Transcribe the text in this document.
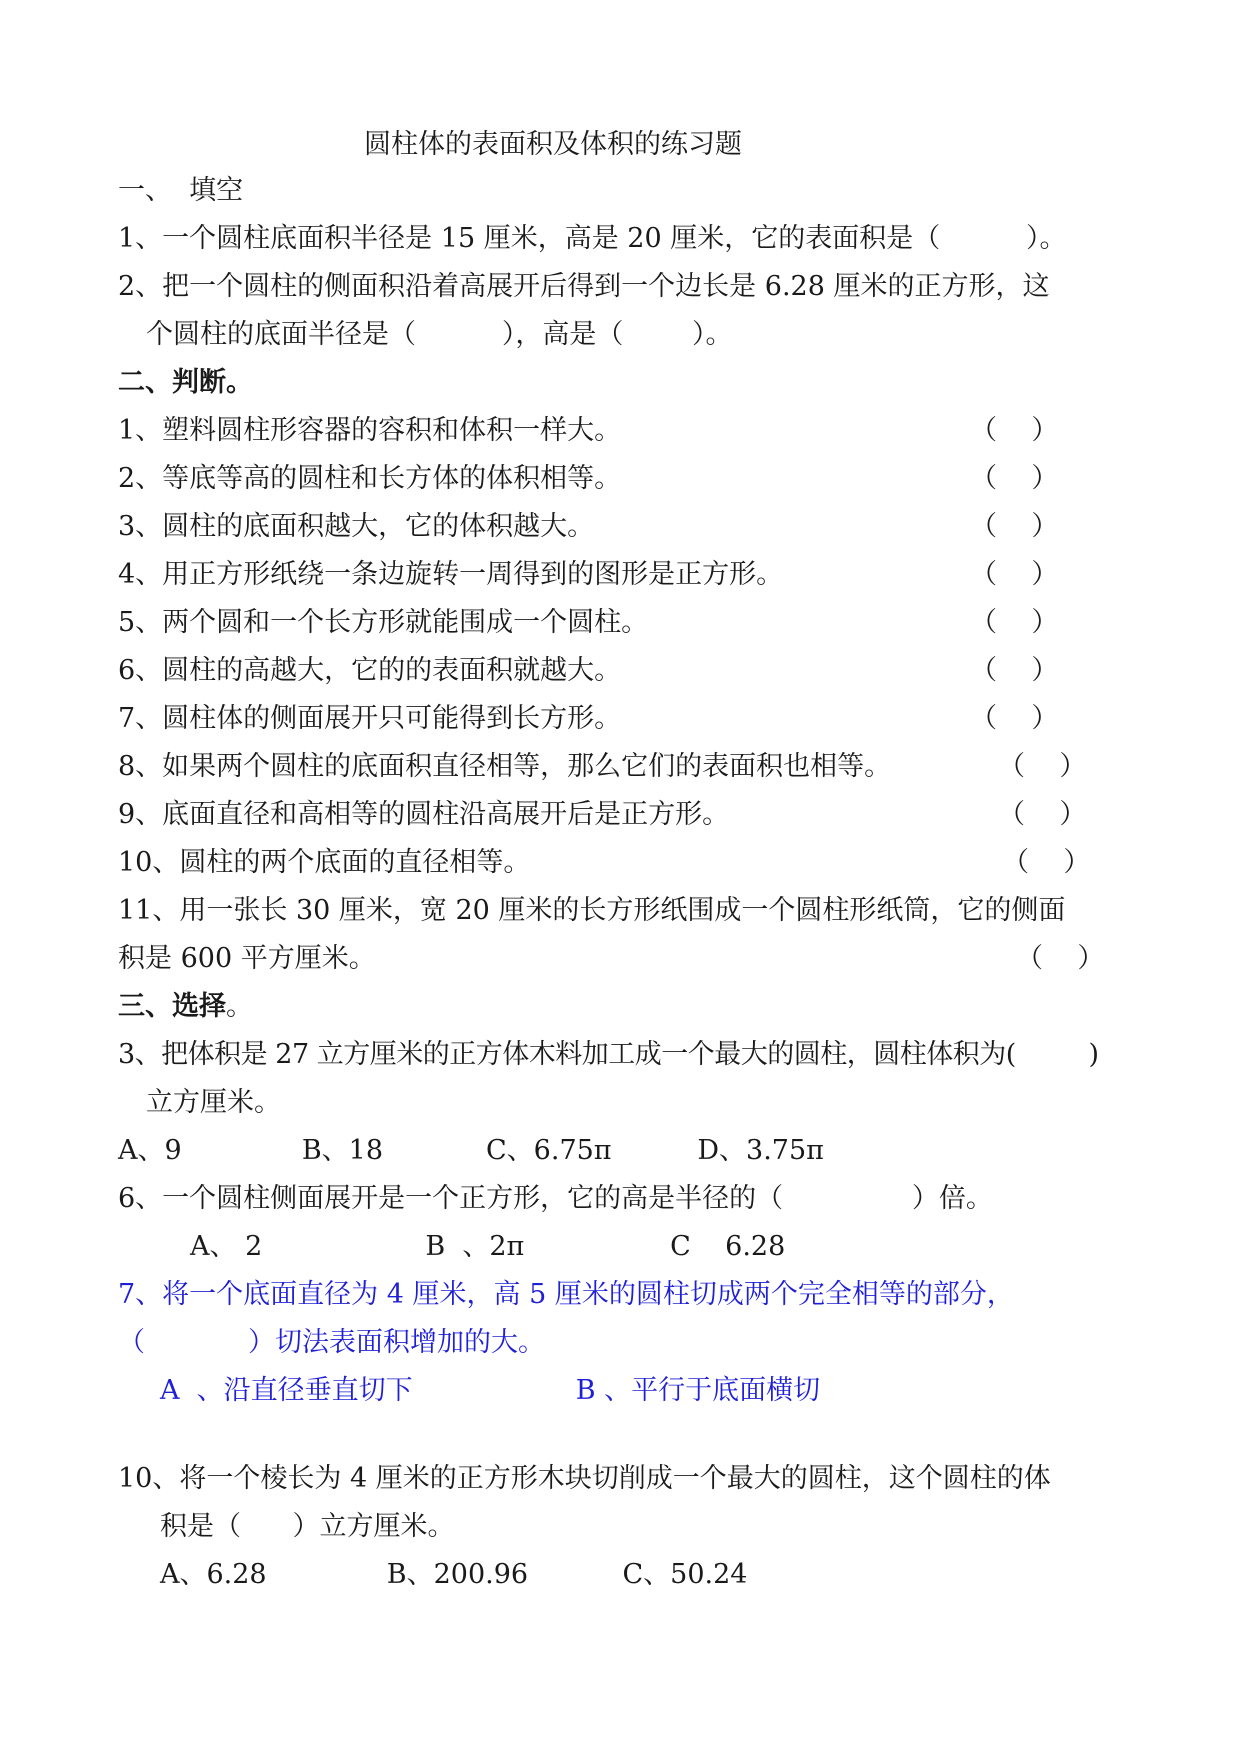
圆柱体的表面积及体积的练习题
一、  填空
1、一个圆柱底面积半径是 15 厘米，高是 20 厘米，它的表面积是（          ）。
2、把一个圆柱的侧面积沿着高展开后得到一个边长是 6.28 厘米的正方形，这
个圆柱的底面半径是（          ），高是（        ）。
二、判断。
1、塑料圆柱形容器的容积和体积一样大。	（    ）
2、等底等高的圆柱和长方体的体积相等。	（    ）
3、圆柱的底面积越大，它的体积越大。	（    ）
4、用正方形纸绕一条边旋转一周得到的图形是正方形。	（    ）
5、两个圆和一个长方形就能围成一个圆柱。	（    ）
6、圆柱的高越大，它的的表面积就越大。	（    ）
7、圆柱体的侧面展开只可能得到长方形。	（    ）
8、如果两个圆柱的底面积直径相等，那么它们的表面积也相等。	（    ）
9、底面直径和高相等的圆柱沿高展开后是正方形。	（    ）
10、圆柱的两个底面的直径相等。	（    ）
11、用一张长 30 厘米，宽 20 厘米的长方形纸围成一个圆柱形纸筒，它的侧面
积是 600 平方厘米。	（    ）
三、选择。
3、把体积是 27 立方厘米的正方体木料加工成一个最大的圆柱，圆柱体积为(         )
立方厘米。
A、9              B、18            C、6.75π          D、3.75π
6、一个圆柱侧面展开是一个正方形，它的高是半径的（               ）倍。
A、 2                   B  、2π                 C    6.28
7、将一个底面直径为 4 厘米，高 5 厘米的圆柱切成两个完全相等的部分，
（            ）切法表面积增加的大。
A  、沿直径垂直切下                   B 、平行于底面横切
10、将一个棱长为 4 厘米的正方形木块切削成一个最大的圆柱，这个圆柱的体
积是（      ）立方厘米。
A、6.28              B、200.96           C、50.24
